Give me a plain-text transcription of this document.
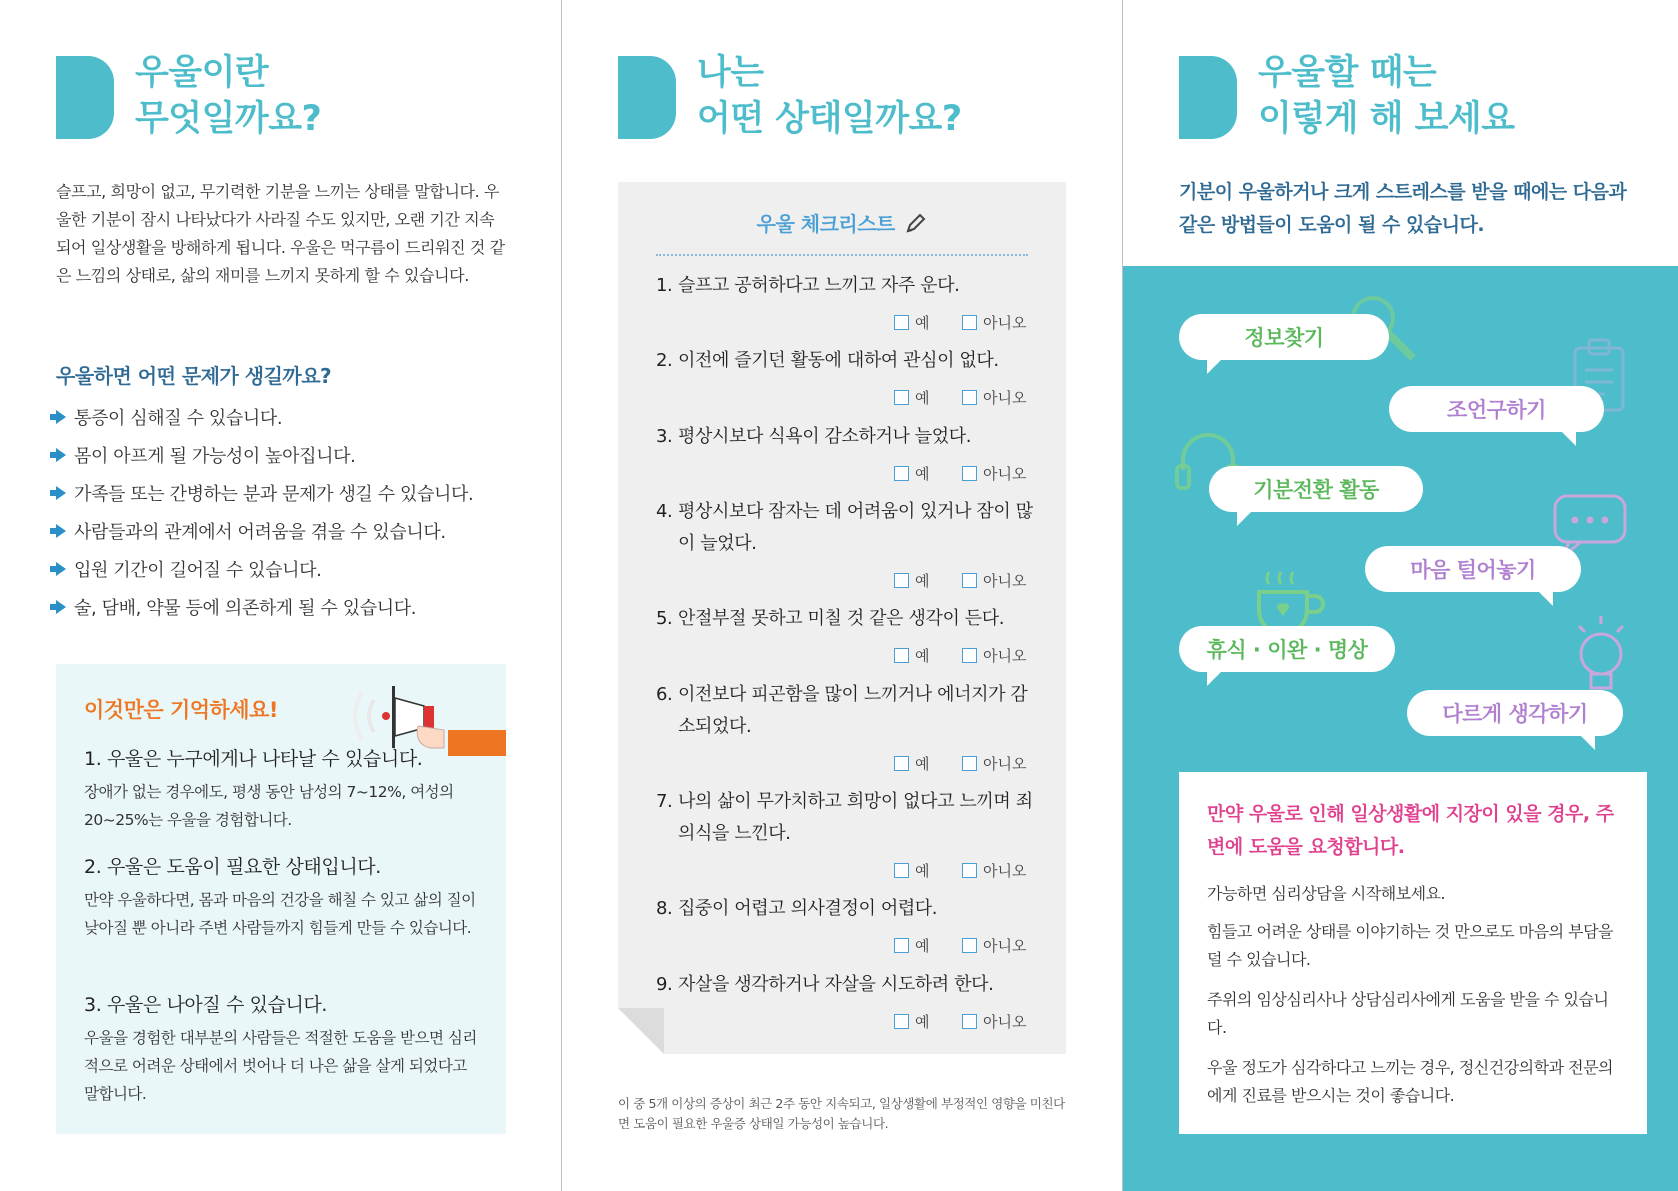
우울이란
무엇일까요?

슬프고, 희망이 없고, 무기력한 기분을 느끼는 상태를 말합니다. 우울한 기분이 잠시 나타났다가 사라질 수도 있지만, 오랜 기간 지속되어 일상생활을 방해하게 됩니다. 우울은 먹구름이 드리워진 것 같은 느낌의 상태로, 삶의 재미를 느끼지 못하게 할 수 있습니다.

우울하면 어떤 문제가 생길까요?
통증이 심해질 수 있습니다.
몸이 아프게 될 가능성이 높아집니다.
가족들 또는 간병하는 분과 문제가 생길 수 있습니다.
사람들과의 관계에서 어려움을 겪을 수 있습니다.
입원 기간이 길어질 수 있습니다.
술, 담배, 약물 등에 의존하게 될 수 있습니다.
이것만은 기억하세요!
1. 우울은 누구에게나 나타날 수 있습니다.
장애가 없는 경우에도, 평생 동안 남성의 7~12%, 여성의 20~25%는 우울을 경험합니다.
2. 우울은 도움이 필요한 상태입니다.
만약 우울하다면, 몸과 마음의 건강을 해칠 수 있고 삶의 질이 낮아질 뿐 아니라 주변 사람들까지 힘들게 만들 수 있습니다.
3. 우울은 나아질 수 있습니다.
우울을 경험한 대부분의 사람들은 적절한 도움을 받으면 심리적으로 어려운 상태에서 벗어나 더 나은 삶을 살게 되었다고 말합니다.
나는
어떤 상태일까요?
우울 체크리스트
1. 슬프고 공허하다고 느끼고 자주 운다.
예	아니오
2. 이전에 즐기던 활동에 대하여 관심이 없다.
예	아니오
3. 평상시보다 식욕이 감소하거나 늘었다.
예	아니오
4. 평상시보다 잠자는 데 어려움이 있거나 잠이 많이 늘었다.
예	아니오
5. 안절부절 못하고 미칠 것 같은 생각이 든다.
예	아니오
6. 이전보다 피곤함을 많이 느끼거나 에너지가 감소되었다.
예	아니오
7. 나의 삶이 무가치하고 희망이 없다고 느끼며 죄의식을 느낀다.
예	아니오
8. 집중이 어렵고 의사결정이 어렵다.
예	아니오
9. 자살을 생각하거나 자살을 시도하려 한다.
예	아니오

이 중 5개 이상의 증상이 최근 2주 동안 지속되고, 일상생활에 부정적인 영향을 미친다면 도움이 필요한 우울증 상태일 가능성이 높습니다.

우울할 때는
이렇게 해 보세요

기분이 우울하거나 크게 스트레스를 받을 때에는 다음과 같은 방법들이 도움이 될 수 있습니다.

정보찾기
조언구하기
기분전환 활동
마음 털어놓기
휴식 · 이완 · 명상
다르게 생각하기
만약 우울로 인해 일상생활에 지장이 있을 경우, 주변에 도움을 요청합니다.

가능하면 심리상담을 시작해보세요.

힘들고 어려운 상태를 이야기하는 것 만으로도 마음의 부담을 덜 수 있습니다.

주위의 임상심리사나 상담심리사에게 도움을 받을 수 있습니다.

우울 정도가 심각하다고 느끼는 경우, 정신건강의학과 전문의에게 진료를 받으시는 것이 좋습니다.
